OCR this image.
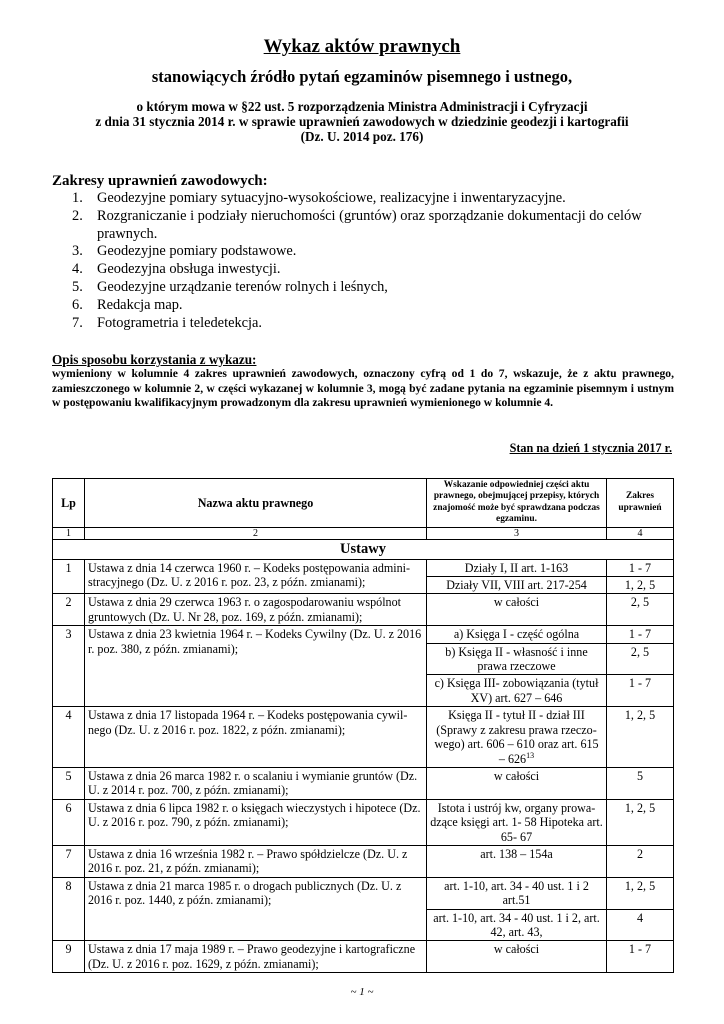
Wykaz aktów prawnych
stanowiących źródło pytań egzaminów pisemnego i ustnego,
o którym mowa w §22 ust. 5 rozporządzenia Ministra Administracji i Cyfryzacji
z dnia 31 stycznia 2014 r. w sprawie uprawnień zawodowych w dziedzinie geodezji i kartografii
(Dz. U. 2014 poz. 176)
Zakresy uprawnień zawodowych:
1. Geodezyjne pomiary sytuacyjno-wysokościowe, realizacyjne i inwentaryzacyjne.
2. Rozgraniczanie i podziały nieruchomości (gruntów) oraz sporządzanie dokumentacji do celów prawnych.
3. Geodezyjne pomiary podstawowe.
4. Geodezyjna obsługa inwestycji.
5. Geodezyjne urządzanie terenów rolnych i leśnych,
6. Redakcja map.
7. Fotogrametria i teledetekcja.
Opis sposobu korzystania z wykazu:
wymieniony w kolumnie 4 zakres uprawnień zawodowych, oznaczony cyfrą od 1 do 7, wskazuje, że z aktu prawnego, zamieszczonego w kolumnie 2, w części wykazanej w kolumnie 3, mogą być zadane pytania na egzaminie pisemnym i ustnym w postępowaniu kwalifikacyjnym prowadzonym dla zakresu uprawnień wymienionego w kolumnie 4.
Stan na dzień 1 stycznia 2017 r.
Lp	Nazwa aktu prawnego	Wskazanie odpowiedniej części aktu prawnego, obejmującej przepisy, których znajomość może być sprawdzana podczas egzaminu.	Zakres uprawnień
1	2	3	4
Ustawy			
1	Ustawa z dnia 14 czerwca 1960 r. – Kodeks postępowania admini-stracyjnego (Dz. U. z 2016 r. poz. 23, z późn. zmianami);	Działy I, II art. 1-163	1 - 7
		Działy VII, VIII art. 217-254	1, 2, 5
2	Ustawa z dnia 29 czerwca 1963 r. o zagospodarowaniu wspólnot gruntowych (Dz. U. Nr 28, poz. 169, z późn. zmianami);	w całości	2, 5
3	Ustawa z dnia 23 kwietnia 1964 r. – Kodeks Cywilny (Dz. U. z 2016 r. poz. 380, z późn. zmianami);	a) Księga I - część ogólna	1 - 7
		b) Księga II - własność i inne prawa rzeczowe	2, 5
		c) Księga III- zobowiązania (tytuł XV) art. 627 – 646	1 - 7
4	Ustawa z dnia 17 listopada 1964 r. – Kodeks postępowania cywil-nego (Dz. U. z 2016 r. poz. 1822, z późn. zmianami);	Księga II - tytuł II - dział III (Sprawy z zakresu prawa rzeczo-wego) art. 606 – 610 oraz art. $615 - 626^{13}$	1, 2, 5
5	Ustawa z dnia 26 marca 1982 r. o scalaniu i wymianie gruntów (Dz. U. z 2014 r. poz. 700, z późn. zmianami);	w całości	5
6	Ustawa z dnia 6 lipca 1982 r. o księgach wieczystych i hipotece (Dz. U. z 2016 r. poz. 790, z późn. zmianami);	Istota i ustrój kw, organy prowa-dzące księgi art. 1- 58 Hipoteka art. 65- 67	1, 2, 5
7	Ustawa z dnia 16 września 1982 r. – Prawo spółdzielcze (Dz. U. z 2016 r. poz. 21, z późn. zmianami);	art. 138 – 154a	2
8	Ustawa z dnia 21 marca 1985 r. o drogach publicznych (Dz. U. z 2016 r. poz. 1440, z późn. zmianami);	art. 1-10, art. 34 - 40 ust. 1 i 2 art.51	1, 2, 5
		art. 1-10, art. 34 - 40 ust. 1 i 2, art. 42, art. 43,	4
9	Ustawa z dnia 17 maja 1989 r. – Prawo geodezyjne i kartograficzne (Dz. U. z 2016 r. poz. 1629, z późn. zmianami);	w całości	1 - 7
~ 1 ~
